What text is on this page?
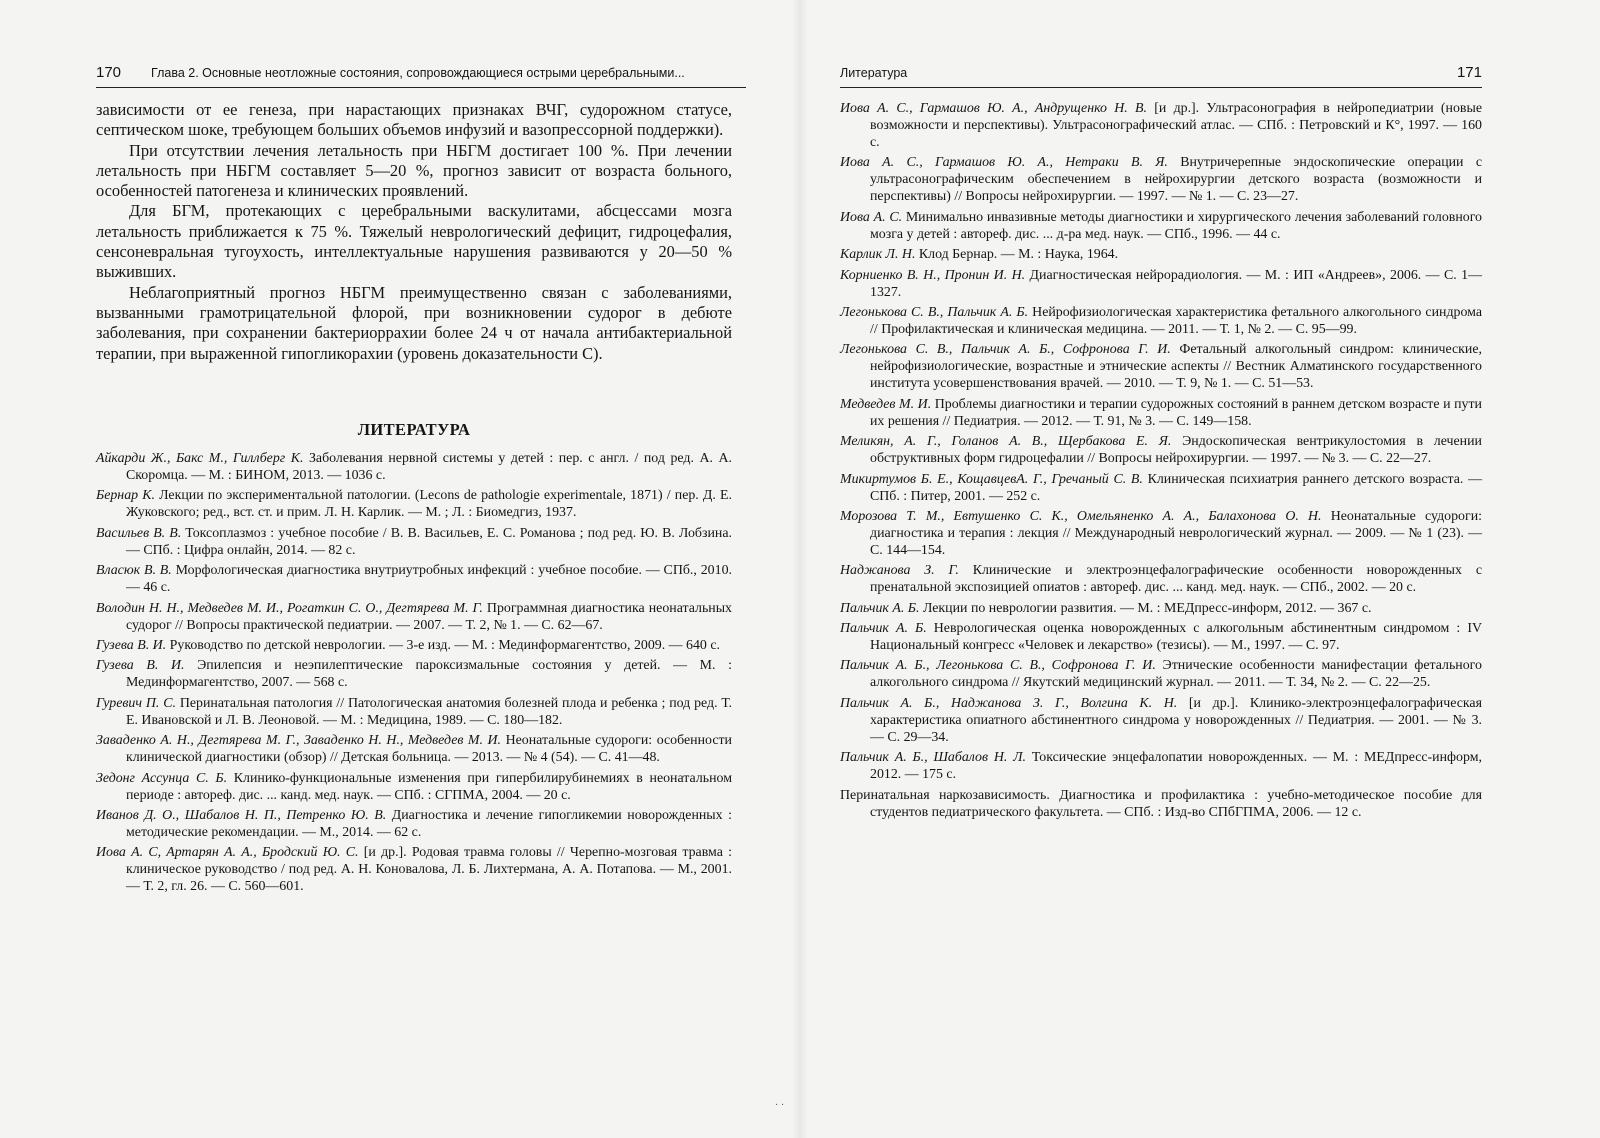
170 Глава 2. Основные неотложные состояния, сопровождающиеся острыми церебральными...

зависимости от ее генеза, при нарастающих признаках ВЧГ, судорожном статусе, септическом шоке, требующем больших объемов инфузий и вазопрессорной поддержки).

При отсутствии лечения летальность при НБГМ достигает 100 %. При лечении летальность при НБГМ составляет 5—20 %, прогноз зависит от возраста больного, особенностей патогенеза и клинических проявлений.

Для БГМ, протекающих с церебральными васкулитами, абсцессами мозга летальность приближается к 75 %. Тяжелый неврологический дефицит, гидроцефалия, сенсоневральная тугоухость, интеллектуальные нарушения развиваются у 20—50 % выживших.

Неблагоприятный прогноз НБГМ преимущественно связан с заболеваниями, вызванными грамотрицательной флорой, при возникновении судорог в дебюте заболевания, при сохранении бактериоррахии более 24 ч от начала антибактериальной терапии, при выраженной гипогликорахии (уровень доказательности С).

ЛИТЕРАТУРА

Айкарди Ж., Бакс М., Гиллберг К. Заболевания нервной системы у детей : пер. с англ. / под ред. А. А. Скоромца. — М. : БИНОМ, 2013. — 1036 с.

Бернар К. Лекции по экспериментальной патологии. (Lecons de pathologie experimentale, 1871) / пер. Д. Е. Жуковского; ред., вст. ст. и прим. Л. Н. Карлик. — М. ; Л. : Биомедгиз, 1937.

Васильев В. В. Токсоплазмоз : учебное пособие / В. В. Васильев, Е. С. Романова ; под ред. Ю. В. Лобзина. — СПб. : Цифра онлайн, 2014. — 82 с.

Власюк В. В. Морфологическая диагностика внутриутробных инфекций : учебное пособие. — СПб., 2010. — 46 с.

Володин Н. Н., Медведев М. И., Рогаткин С. О., Дегтярева М. Г. Программная диагностика неонатальных судорог // Вопросы практической педиатрии. — 2007. — Т. 2, № 1. — С. 62—67.

Гузева В. И. Руководство по детской неврологии. — 3-е изд. — М. : Мединформагентство, 2009. — 640 с.

Гузева В. И. Эпилепсия и неэпилептические пароксизмальные состояния у детей. — М. : Мединформагентство, 2007. — 568 с.

Гуревич П. С. Перинатальная патология // Патологическая анатомия болезней плода и ребенка ; под ред. Т. Е. Ивановской и Л. В. Леоновой. — М. : Медицина, 1989. — С. 180—182.

Заваденко А. Н., Дегтярева М. Г., Заваденко Н. Н., Медведев М. И. Неонатальные судороги: особенности клинической диагностики (обзор) // Детская больница. — 2013. — № 4 (54). — С. 41—48.

Зедонг Ассунца С. Б. Клинико-функциональные изменения при гипербилирубинемиях в неонатальном периоде : автореф. дис. ... канд. мед. наук. — СПб. : СГПМА, 2004. — 20 с.

Иванов Д. О., Шабалов Н. П., Петренко Ю. В. Диагностика и лечение гипогликемии новорожденных : методические рекомендации. — М., 2014. — 62 с.

Иова А. С, Артарян А. А., Бродский Ю. С. [и др.]. Родовая травма головы // Черепно-мозговая травма : клиническое руководство / под ред. А. Н. Коновалова, Л. Б. Лихтермана, А. А. Потапова. — М., 2001. — Т. 2, гл. 26. — С. 560—601.

Литература	171

Иова А. С., Гармашов Ю. А., Андрущенко Н. В. [и др.]. Ультрасонография в нейропедиатрии (новые возможности и перспективы). Ультрасонографический атлас. — СПб. : Петровский и К°, 1997. — 160 с.

Иова А. С., Гармашов Ю. А., Нетраки В. Я. Внутричерепные эндоскопические операции с ультрасонографическим обеспечением в нейрохирургии детского возраста (возможности и перспективы) // Вопросы нейрохирургии. — 1997. — № 1. — С. 23—27.

Иова А. С. Минимально инвазивные методы диагностики и хирургического лечения заболеваний головного мозга у детей : автореф. дис. ... д-ра мед. наук. — СПб., 1996. — 44 с.

Карлик Л. Н. Клод Бернар. — М. : Наука, 1964.

Корниенко В. Н., Пронин И. Н. Диагностическая нейрорадиология. — М. : ИП «Андреев», 2006. — С. 1—1327.

Легонькова С. В., Пальчик А. Б. Нейрофизиологическая характеристика фетального алкогольного синдрома // Профилактическая и клиническая медицина. — 2011. — Т. 1, № 2. — С. 95—99.

Легонькова С. В., Пальчик А. Б., Софронова Г. И. Фетальный алкогольный синдром: клинические, нейрофизиологические, возрастные и этнические аспекты // Вестник Алматинского государственного института усовершенствования врачей. — 2010. — Т. 9, № 1. — С. 51—53.

Медведев М. И. Проблемы диагностики и терапии судорожных состояний в раннем детском возрасте и пути их решения // Педиатрия. — 2012. — Т. 91, № 3. — С. 149—158.

Меликян, А. Г., Голанов А. В., Щербакова Е. Я. Эндоскопическая вентрикулостомия в лечении обструктивных форм гидроцефалии // Вопросы нейрохирургии. — 1997. — № 3. — С. 22—27.

Микиртумов Б. Е., КощавцевА. Г., Гречаный С. В. Клиническая психиатрия раннего детского возраста. — СПб. : Питер, 2001. — 252 с.

Морозова Т. М., Евтушенко С. К., Омельяненко А. А., Балахонова О. Н. Неонатальные судороги: диагностика и терапия : лекция // Международный неврологический журнал. — 2009. — № 1 (23). — С. 144—154.

Наджанова З. Г. Клинические и электроэнцефалографические особенности новорожденных с пренатальной экспозицией опиатов : автореф. дис. ... канд. мед. наук. — СПб., 2002. — 20 с.

Пальчик А. Б. Лекции по неврологии развития. — М. : МЕДпресс-информ, 2012. — 367 с.

Пальчик А. Б. Неврологическая оценка новорожденных с алкогольным абстинентным синдромом : IV Национальный конгресс «Человек и лекарство» (тезисы). — М., 1997. — С. 97.

Пальчик А. Б., Легонькова С. В., Софронова Г. И. Этнические особенности манифестации фетального алкогольного синдрома // Якутский медицинский журнал. — 2011. — Т. 34, № 2. — С. 22—25.

Пальчик А. Б., Наджанова З. Г., Волгина К. Н. [и др.]. Клинико-электроэнцефалографическая характеристика опиатного абстинентного синдрома у новорожденных // Педиатрия. — 2001. — № 3. — С. 29—34.

Пальчик А. Б., Шабалов Н. Л. Токсические энцефалопатии новорожденных. — М. : МЕДпресс-информ, 2012. — 175 с.

Перинатальная наркозависимость. Диагностика и профилактика : учебно-методическое пособие для студентов педиатрического факультета. — СПб. : Изд-во СПбГПМА, 2006. — 12 с.

· ·
